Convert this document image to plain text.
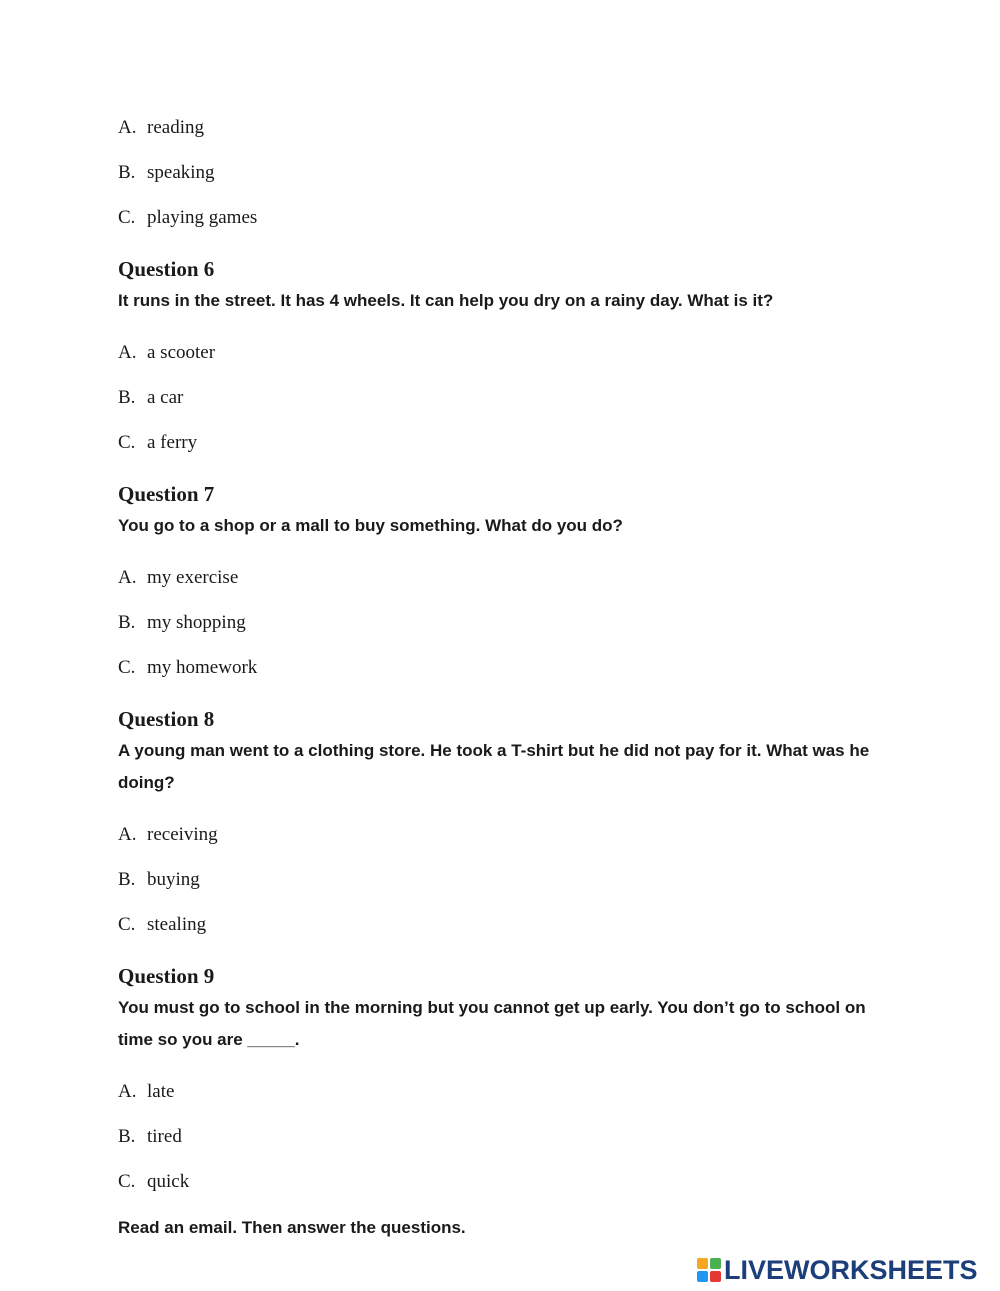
A. reading
B. speaking
C. playing games
Question 6
It runs in the street. It has 4 wheels. It can help you dry on a rainy day. What is it?
A. a scooter
B. a car
C. a ferry
Question 7
You go to a shop or a mall to buy something. What do you do?
A. my exercise
B. my shopping
C. my homework
Question 8
A young man went to a clothing store. He took a T-shirt but he did not pay for it. What was he doing?
A. receiving
B. buying
C. stealing
Question 9
You must go to school in the morning but you cannot get up early. You don’t go to school on time so you are _____.
A. late
B. tired
C. quick
Read an email. Then answer the questions.
LIVEWORKSHEETS
